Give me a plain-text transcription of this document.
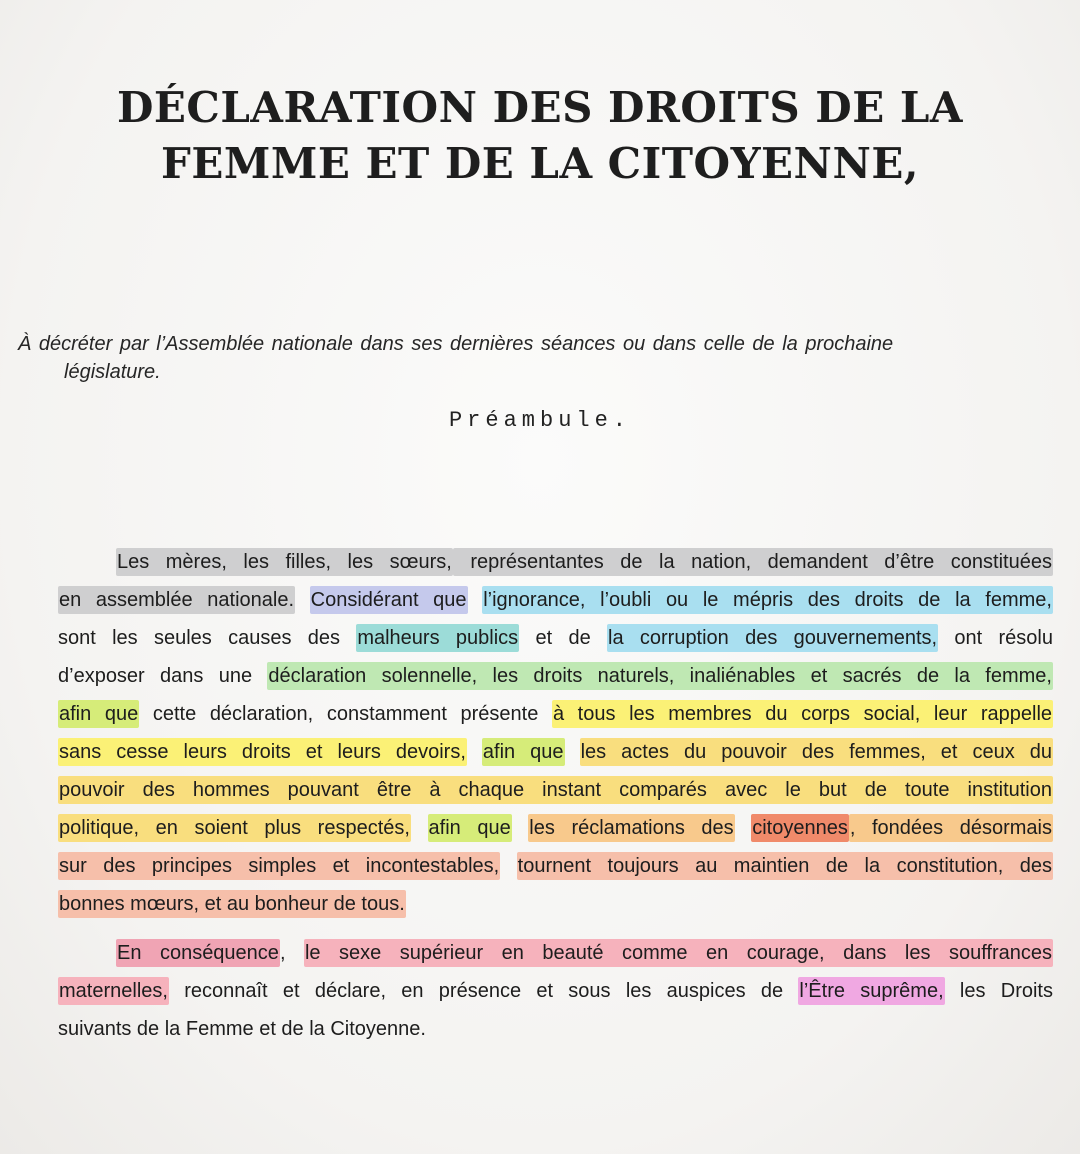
DÉCLARATION DES DROITS DE LA
FEMME ET DE LA CITOYENNE,
À décréter par l’Assemblée nationale dans ses dernières séances ou dans celle de la prochaine
législature.
Préambule.
Les mères, les filles, les sœurs, représentantes de la nation, demandent d’être constituées
en assemblée nationale. Considérant que l’ignorance, l’oubli ou le mépris des droits de la femme,
sont les seules causes des malheurs publics et de la corruption des gouvernements, ont résolu
d’exposer dans une déclaration solennelle, les droits naturels, inaliénables et sacrés de la femme,
afin que cette déclaration, constamment présente à tous les membres du corps social, leur rappelle
sans cesse leurs droits et leurs devoirs, afin que les actes du pouvoir des femmes, et ceux du
pouvoir des hommes pouvant être à chaque instant comparés avec le but de toute institution
politique, en soient plus respectés, afin que les réclamations des citoyennes , fondées désormais
sur des principes simples et incontestables, tournent toujours au maintien de la constitution, des
bonnes mœurs, et au bonheur de tous.
En conséquence, le sexe supérieur en beauté comme en courage, dans les souffrances
maternelles, reconnaît et déclare, en présence et sous les auspices de l’Être suprême, les Droits
suivants de la Femme et de la Citoyenne.
